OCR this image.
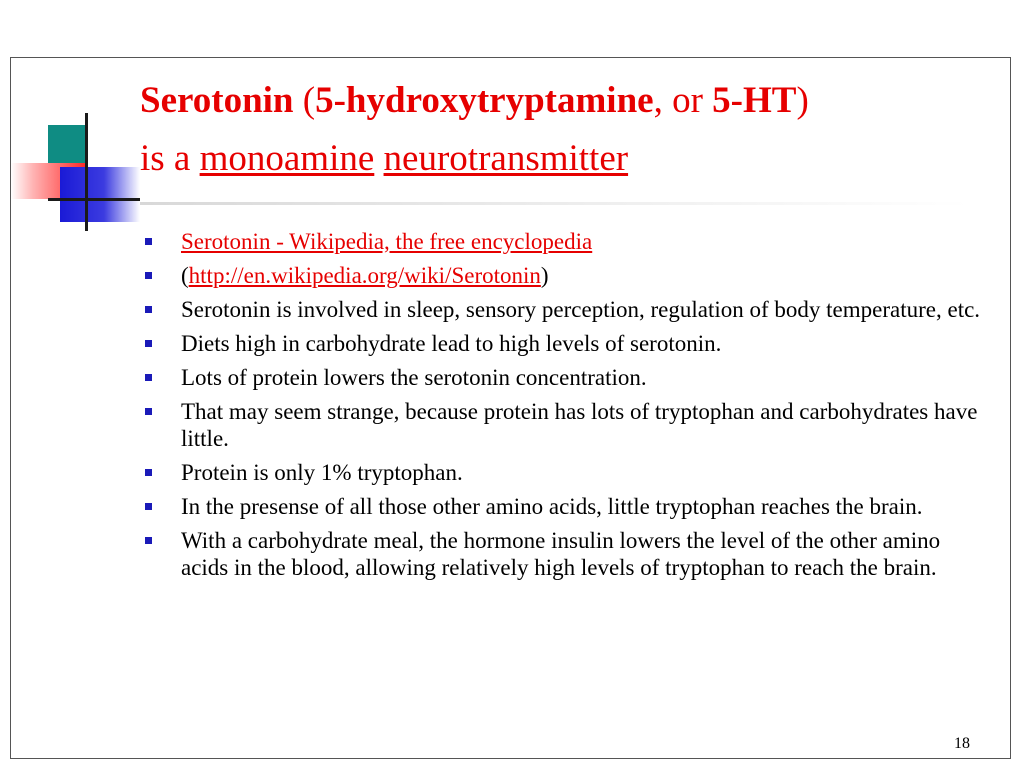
Serotonin (5-hydroxytryptamine, or 5-HT)
is a monoamine neurotransmitter
Serotonin - Wikipedia, the free encyclopedia
(http://en.wikipedia.org/wiki/Serotonin)
Serotonin is involved in sleep, sensory perception, regulation of body temperature, etc.
Diets high in carbohydrate lead to high levels of serotonin.
Lots of protein lowers the serotonin concentration.
That may seem strange, because protein has lots of tryptophan and carbohydrates have little.
Protein is only 1% tryptophan.
In the presense of all those other amino acids, little tryptophan reaches the brain.
With a carbohydrate meal, the hormone insulin lowers the level of the other amino acids in the blood, allowing relatively high levels of tryptophan to reach the brain.
18
